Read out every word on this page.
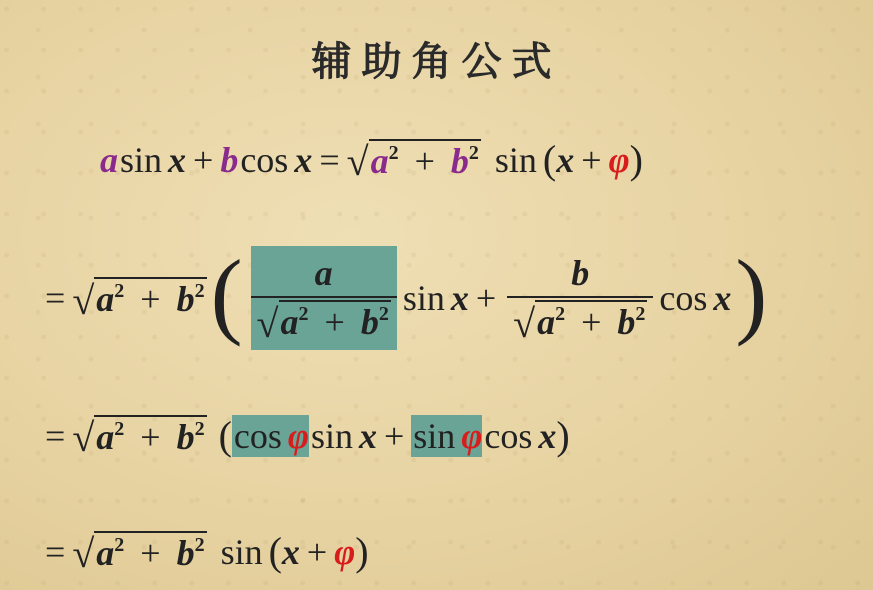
辅助角公式
a sin x + b cos x = √ $a^2 + b^2$ sin ( x + φ )
= √ $a^2 + b^2$ ( $\frac{a}{√ a^2 + b^2}$ $\sin x + \frac{b}{√ a^2 + b^2}$ cos x )
= √ $a^2 + b^2$ ( cos φ sin x + sin φ cos x )
= √ $a^2 + b^2$ sin ( x + φ )
